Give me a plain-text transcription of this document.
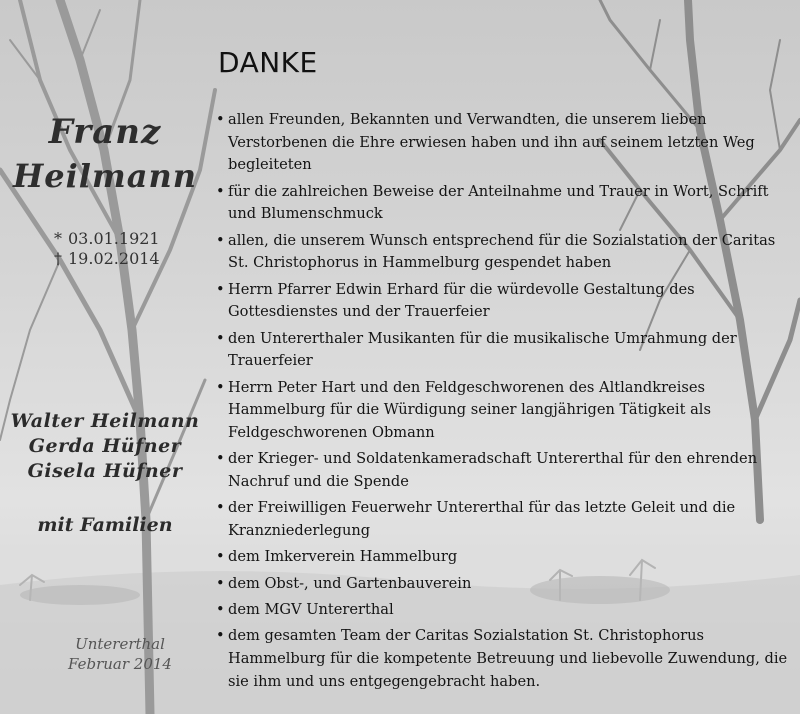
DANKE
Franz
Heilmann
* 03.01.1921
† 19.02.2014
Walter Heilmann
Gerda Hüfner
Gisela Hüfner
mit Familien
Untererthal
Februar 2014
• allen Freunden, Bekannten und Verwandten, die unserem lieben Verstorbenen die Ehre erwiesen haben und ihn auf seinem letzten Weg begleiteten
• für die zahlreichen Beweise der Anteilnahme und Trauer in Wort, Schrift und Blumenschmuck
• allen, die unserem Wunsch entsprechend für die Sozialstation der Caritas St. Christophorus in Hammelburg gespendet haben
• Herrn Pfarrer Edwin Erhard für die würdevolle Gestaltung des Gottesdienstes und der Trauerfeier
• den Untererthaler Musikanten für die musikalische Umrahmung der Trauerfeier
• Herrn Peter Hart und den Feldgeschworenen des Altlandkreises Hammelburg für die Würdigung seiner langjährigen Tätigkeit als Feldgeschworenen Obmann
• der Krieger- und Soldatenkameradschaft Untererthal für den ehrenden Nachruf und die Spende
• der Freiwilligen Feuerwehr Untererthal für das letzte Geleit und die Kranzniederlegung
• dem Imkerverein Hammelburg
• dem Obst-, und Gartenbauverein
• dem MGV Untererthal
• dem gesamten Team der Caritas Sozialstation St. Christophorus Hammelburg für die kompetente Betreuung und liebevolle Zuwendung, die sie ihm und uns entgegengebracht haben.
